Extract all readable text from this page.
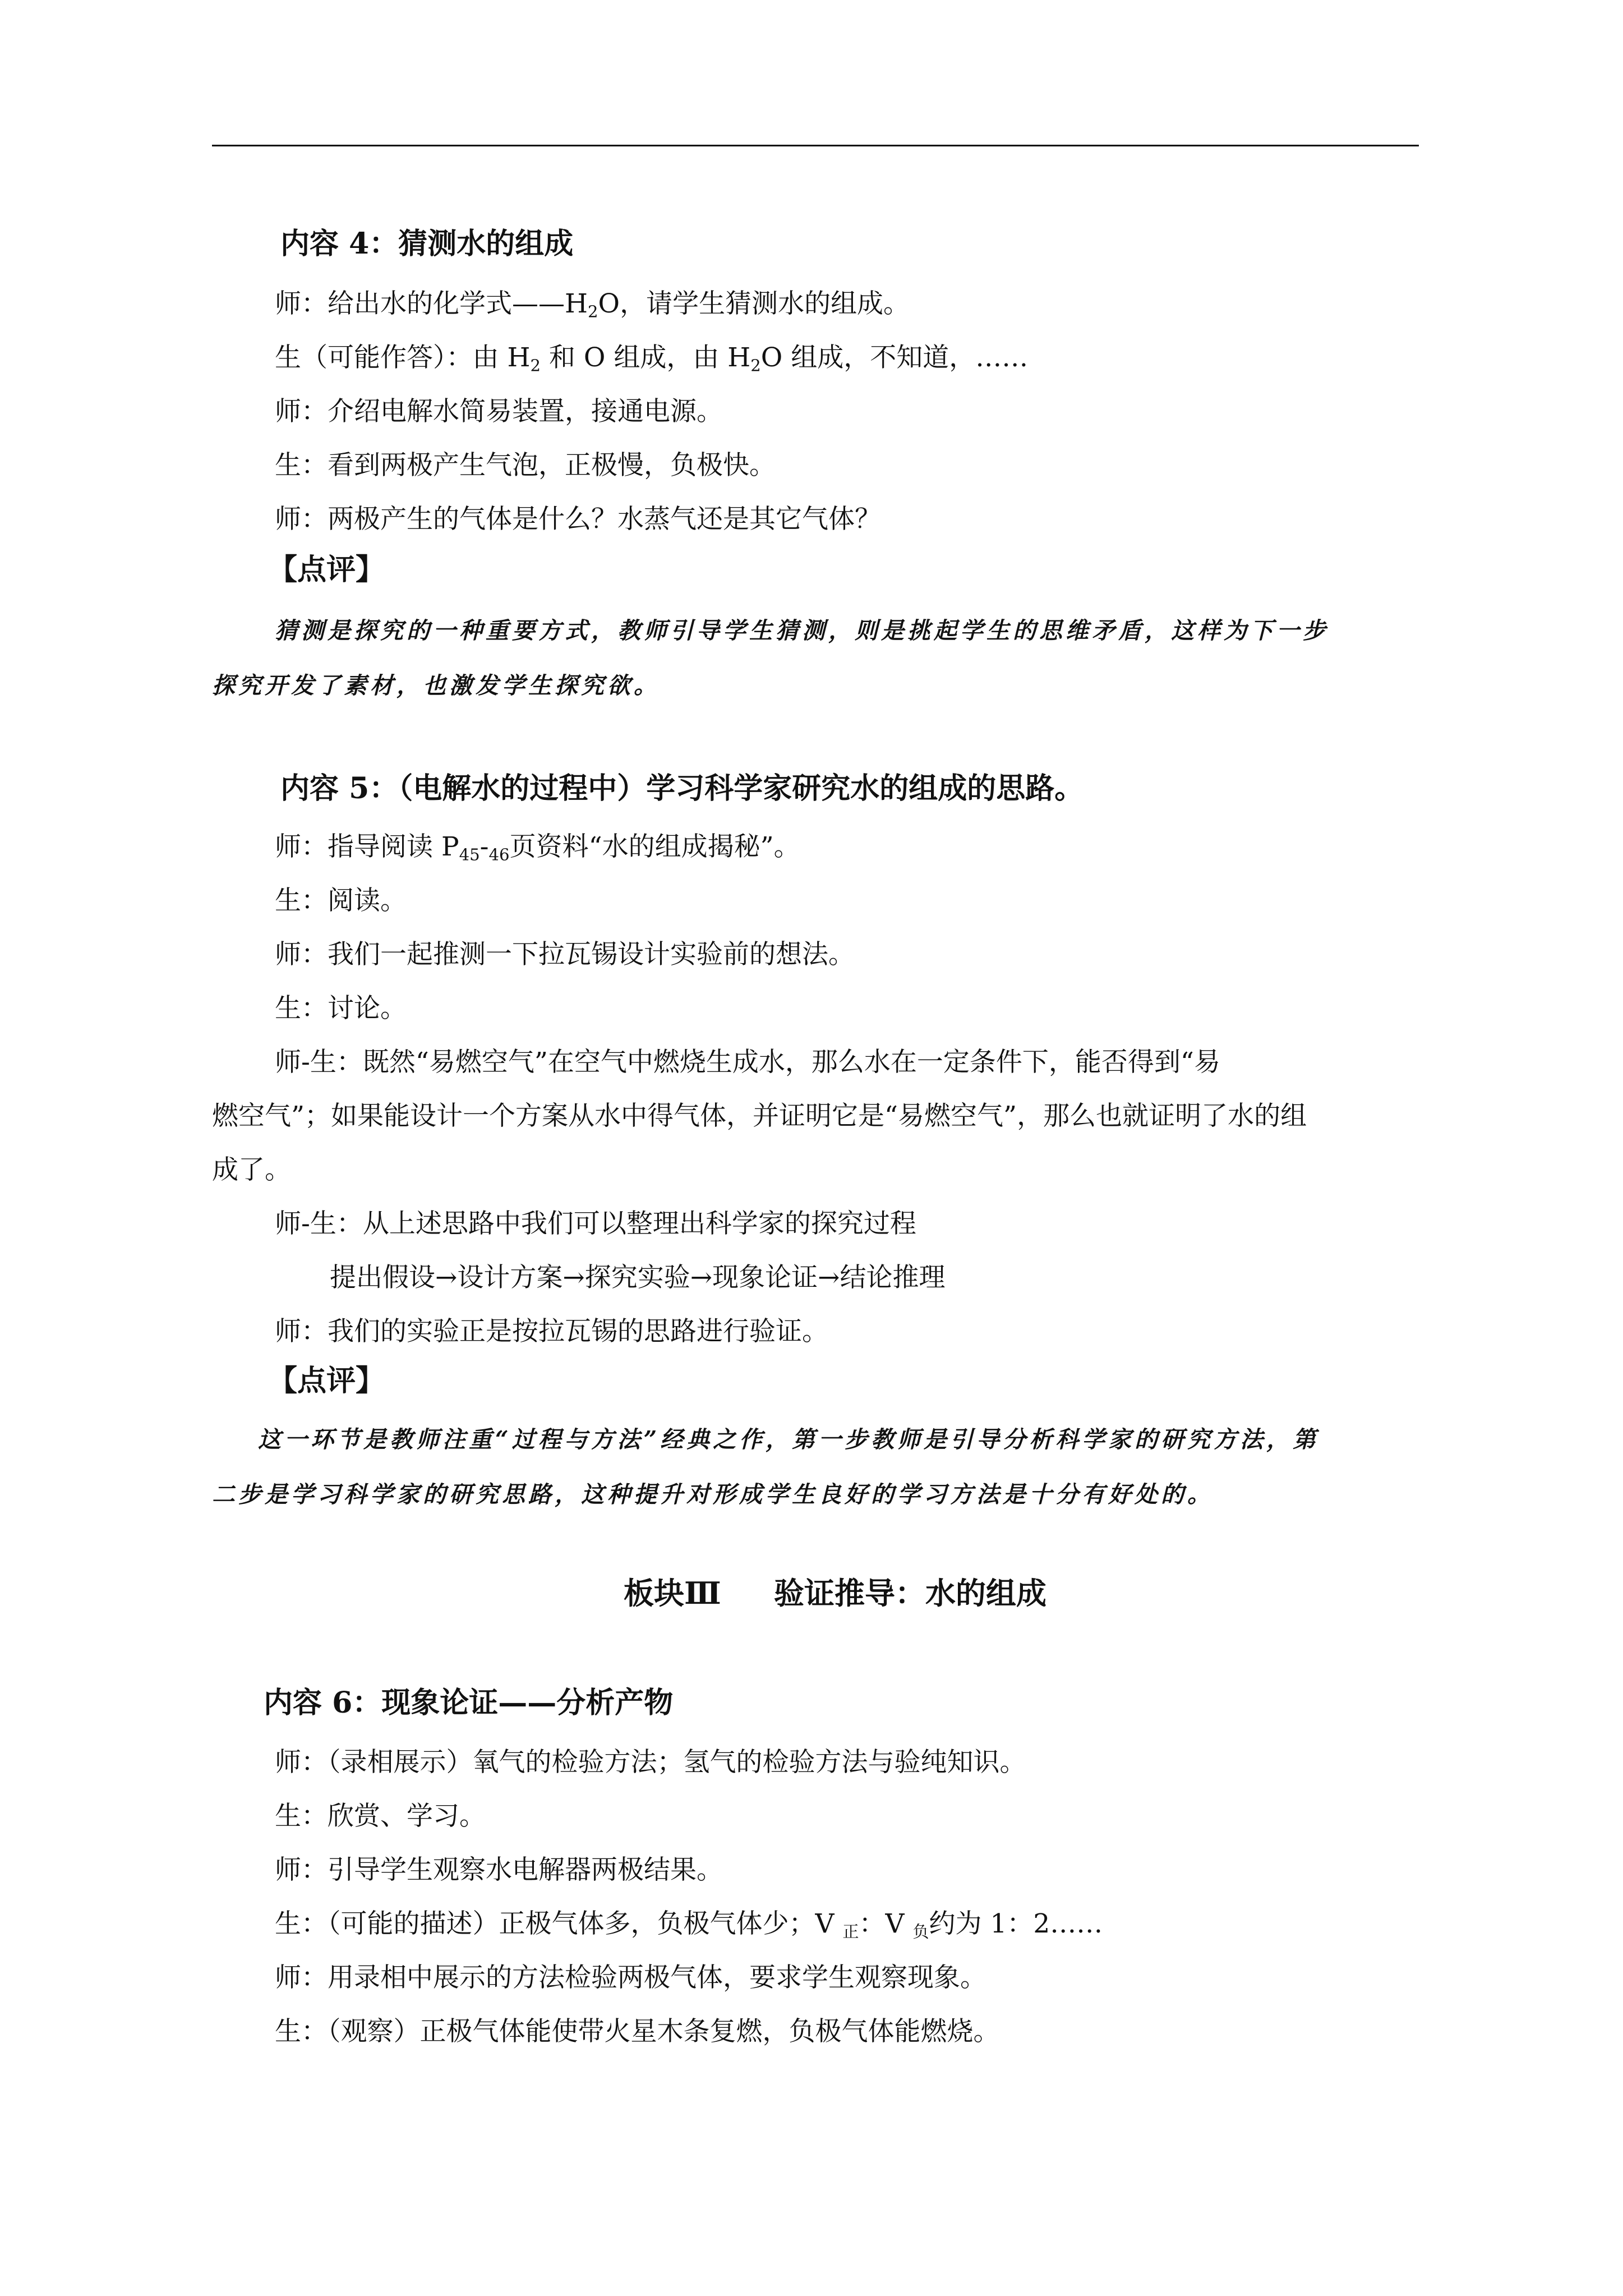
内容 4：猜测水的组成
师：给出水的化学式$——H_2O$，请学生猜测水的组成。
生（可能作答）：由 $H_2$ 和 O 组成，由 $H_2O$ 组成，不知道，……
师：介绍电解水简易装置，接通电源。
生：看到两极产生气泡，正极慢，负极快。
师：两极产生的气体是什么？水蒸气还是其它气体？
【点评】
猜测是探究的一种重要方式，教师引导学生猜测，则是挑起学生的思维矛盾，这样为下一步
探究开发了素材，也激发学生探究欲。
内容 5：（电解水的过程中）学习科学家研究水的组成的思路。
师：指导阅读 $P_{45}-_{46}$页资料“水的组成揭秘”。
生：阅读。
师：我们一起推测一下拉瓦锡设计实验前的想法。
生：讨论。
师-生：既然“易燃空气”在空气中燃烧生成水，那么水在一定条件下，能否得到“易
燃空气”；如果能设计一个方案从水中得气体，并证明它是“易燃空气”，那么也就证明了水的组
成了。
师-生：从上述思路中我们可以整理出科学家的探究过程
提出假设→设计方案→探究实验→现象论证→结论推理
师：我们的实验正是按拉瓦锡的思路进行验证。
【点评】
这一环节是教师注重“过程与方法”经典之作，第一步教师是引导分析科学家的研究方法，第
二步是学习科学家的研究思路，这种提升对形成学生良好的学习方法是十分有好处的。
板块Ⅲ 验证推导：水的组成
内容 6：现象论证——分析产物
师：（录相展示）氧气的检验方法；氢气的检验方法与验纯知识。
生：欣赏、学习。
师：引导学生观察水电解器两极结果。
生：（可能的描述）正极气体多，负极气体少；V $_正$：V $_负$约为 1：2……
师：用录相中展示的方法检验两极气体，要求学生观察现象。
生：（观察）正极气体能使带火星木条复燃，负极气体能燃烧。
